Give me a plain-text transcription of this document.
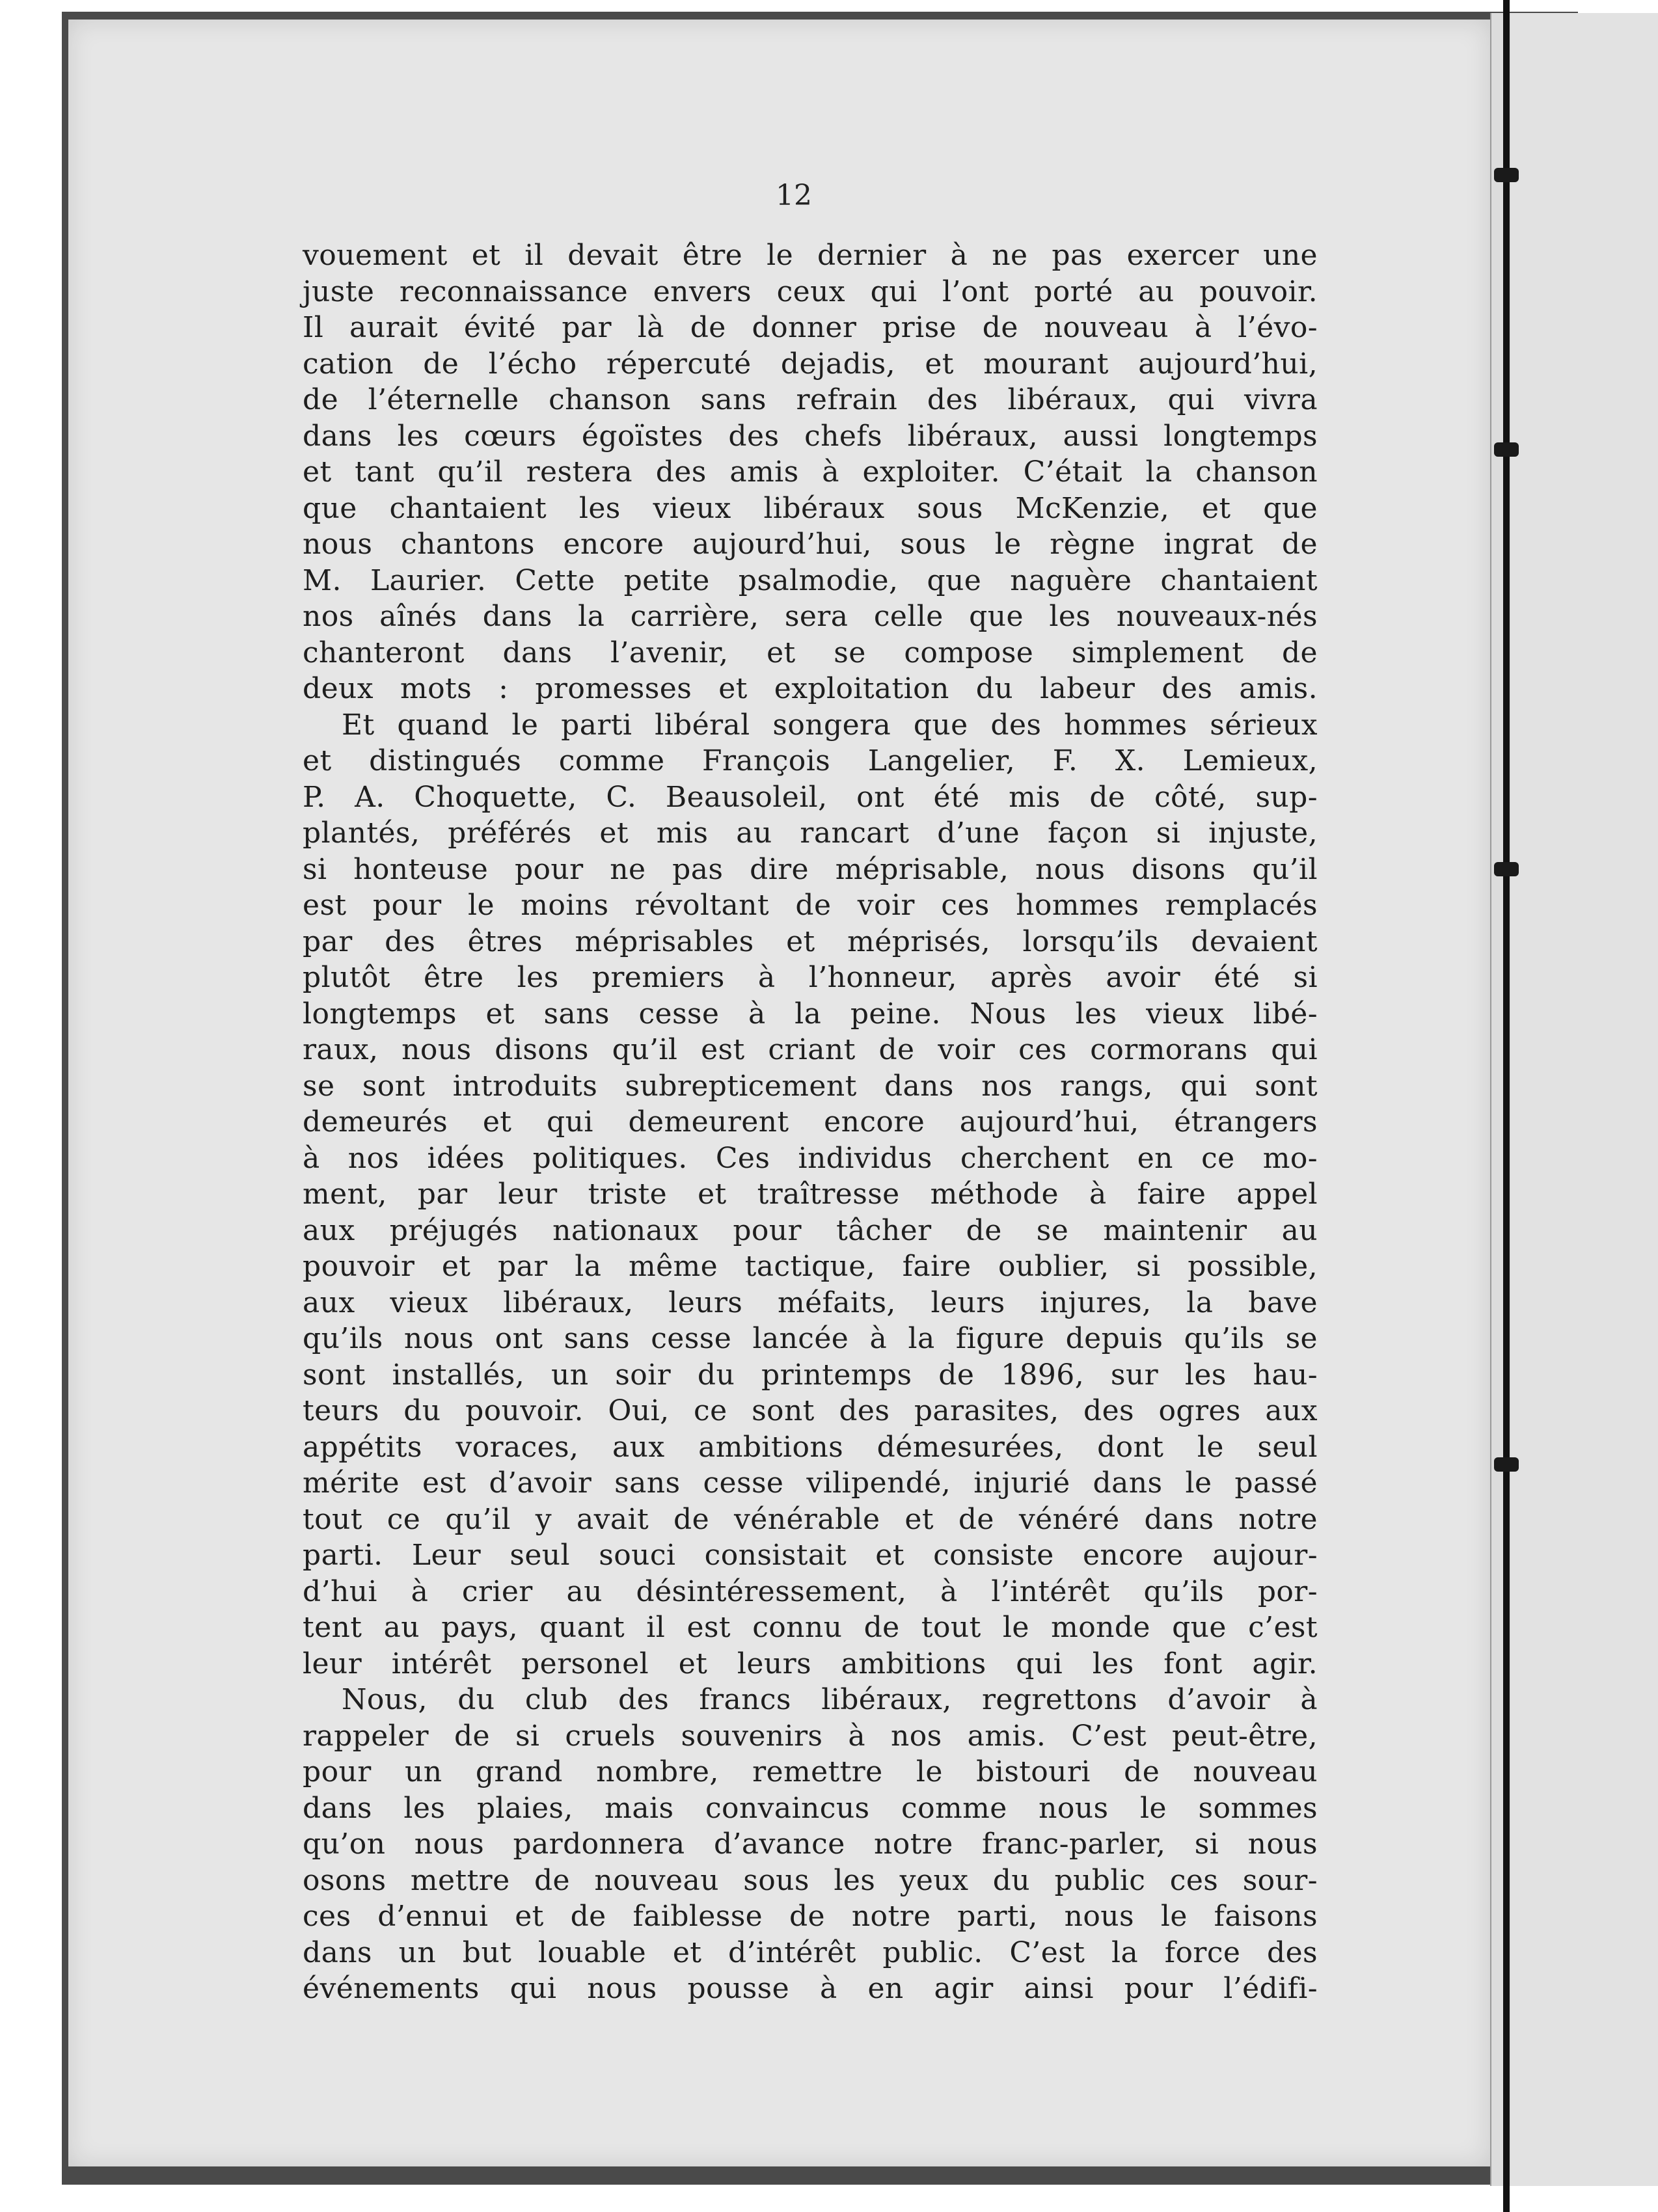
12
vouement et il devait être le dernier à ne pas exercer une
juste reconnaissance envers ceux qui l’ont porté au pouvoir.
Il aurait évité par là de donner prise de nouveau à l’évo-
cation de l’écho répercuté dejadis, et mourant aujourd’hui,
de l’éternelle chanson sans refrain des libéraux, qui vivra
dans les cœurs égoïstes des chefs libéraux, aussi longtemps
et tant qu’il restera des amis à exploiter. C’était la chanson
que chantaient les vieux libéraux sous McKenzie, et que
nous chantons encore aujourd’hui, sous le règne ingrat de
M. Laurier. Cette petite psalmodie, que naguère chantaient
nos aînés dans la carrière, sera celle que les nouveaux-nés
chanteront dans l’avenir, et se compose simplement de
deux mots : promesses et exploitation du labeur des amis.
Et quand le parti libéral songera que des hommes sérieux
et distingués comme François Langelier, F. X. Lemieux,
P. A. Choquette, C. Beausoleil, ont été mis de côté, sup-
plantés, préférés et mis au rancart d’une façon si injuste,
si honteuse pour ne pas dire méprisable, nous disons qu’il
est pour le moins révoltant de voir ces hommes remplacés
par des êtres méprisables et méprisés, lorsqu’ils devaient
plutôt être les premiers à l’honneur, après avoir été si
longtemps et sans cesse à la peine. Nous les vieux libé-
raux, nous disons qu’il est criant de voir ces cormorans qui
se sont introduits subrepticement dans nos rangs, qui sont
demeurés et qui demeurent encore aujourd’hui, étrangers
à nos idées politiques. Ces individus cherchent en ce mo-
ment, par leur triste et traîtresse méthode à faire appel
aux préjugés nationaux pour tâcher de se maintenir au
pouvoir et par la même tactique, faire oublier, si possible,
aux vieux libéraux, leurs méfaits, leurs injures, la bave
qu’ils nous ont sans cesse lancée à la figure depuis qu’ils se
sont installés, un soir du printemps de 1896, sur les hau-
teurs du pouvoir. Oui, ce sont des parasites, des ogres aux
appétits voraces, aux ambitions démesurées, dont le seul
mérite est d’avoir sans cesse vilipendé, injurié dans le passé
tout ce qu’il y avait de vénérable et de vénéré dans notre
parti. Leur seul souci consistait et consiste encore aujour-
d’hui à crier au désintéressement, à l’intérêt qu’ils por-
tent au pays, quant il est connu de tout le monde que c’est
leur intérêt personel et leurs ambitions qui les font agir.
Nous, du club des francs libéraux, regrettons d’avoir à
rappeler de si cruels souvenirs à nos amis. C’est peut-être,
pour un grand nombre, remettre le bistouri de nouveau
dans les plaies, mais convaincus comme nous le sommes
qu’on nous pardonnera d’avance notre franc-parler, si nous
osons mettre de nouveau sous les yeux du public ces sour-
ces d’ennui et de faiblesse de notre parti, nous le faisons
dans un but louable et d’intérêt public. C’est la force des
événements qui nous pousse à en agir ainsi pour l’édifi-
